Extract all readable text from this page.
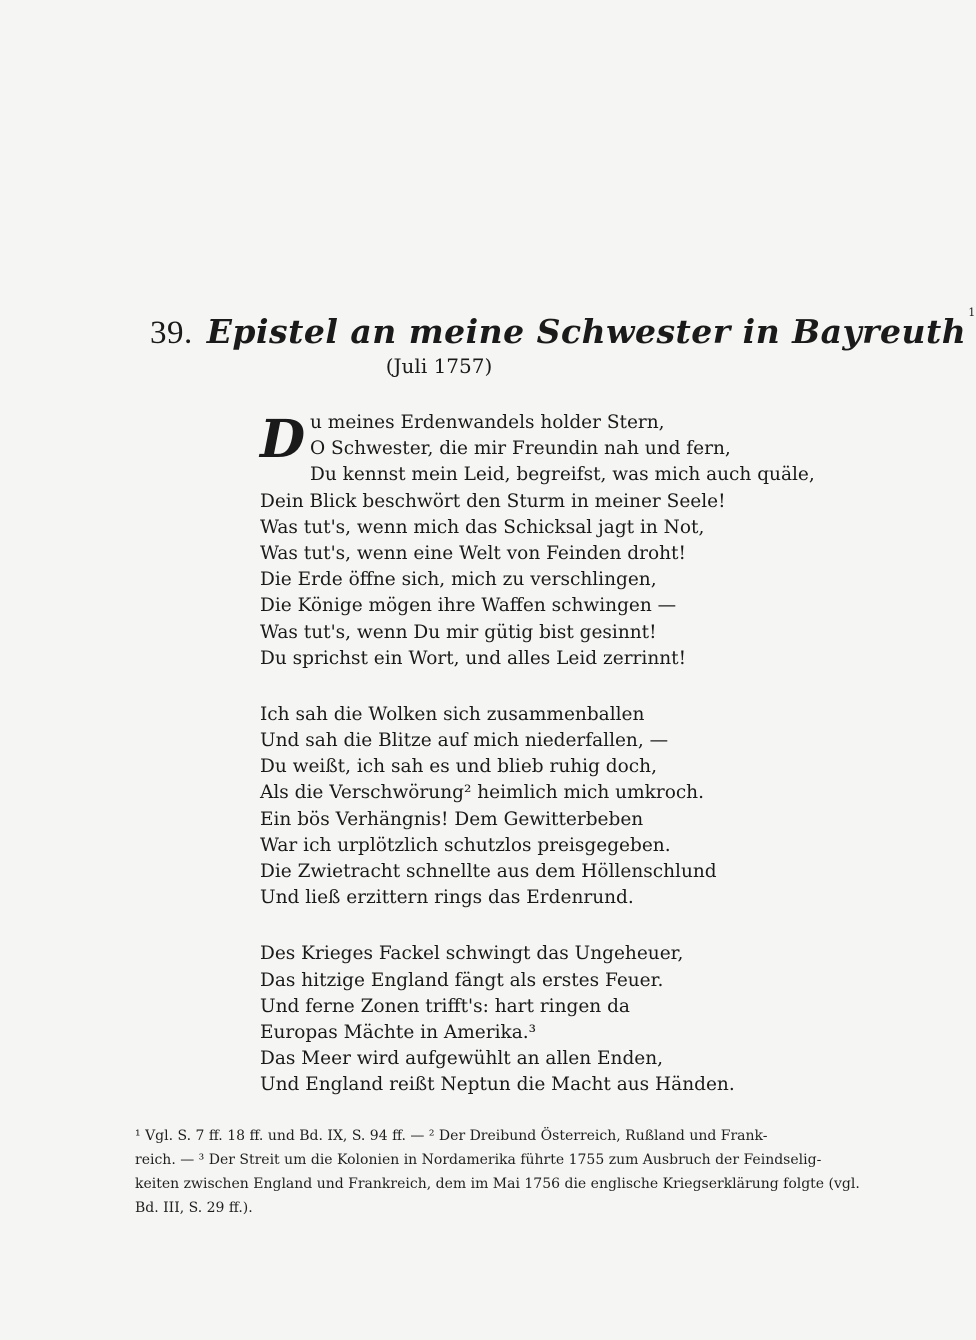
39. Epistel an meine Schwester in Bayreuth $^1$
(Juli 1757)
D u meines Erdenwandels holder Stern,
O Schwester, die mir Freundin nah und fern,
Du kennst mein Leid, begreifst, was mich auch quäle,
Dein Blick beschwört den Sturm in meiner Seele!
Was tut's, wenn mich das Schicksal jagt in Not,
Was tut's, wenn eine Welt von Feinden droht!
Die Erde öffne sich, mich zu verschlingen,
Die Könige mögen ihre Waffen schwingen —
Was tut's, wenn Du mir gütig bist gesinnt!
Du sprichst ein Wort, und alles Leid zerrinnt!
Ich sah die Wolken sich zusammenballen
Und sah die Blitze auf mich niederfallen, —
Du weißt, ich sah es und blieb ruhig doch,
Als die Verschwörung² heimlich mich umkroch.
Ein bös Verhängnis! Dem Gewitterbeben
War ich urplötzlich schutzlos preisgegeben.
Die Zwietracht schnellte aus dem Höllenschlund
Und ließ erzittern rings das Erdenrund.
Des Krieges Fackel schwingt das Ungeheuer,
Das hitzige England fängt als erstes Feuer.
Und ferne Zonen trifft's: hart ringen da
Europas Mächte in Amerika.³
Das Meer wird aufgewühlt an allen Enden,
Und England reißt Neptun die Macht aus Händen.
¹ Vgl. S. 7 ff. 18 ff. und Bd. IX, S. 94 ff. — ² Der Dreibund Österreich, Rußland und Frank-
reich. — ³ Der Streit um die Kolonien in Nordamerika führte 1755 zum Ausbruch der Feindselig-
keiten zwischen England und Frankreich, dem im Mai 1756 die englische Kriegserklärung folgte (vgl.
Bd. III, S. 29 ff.).
